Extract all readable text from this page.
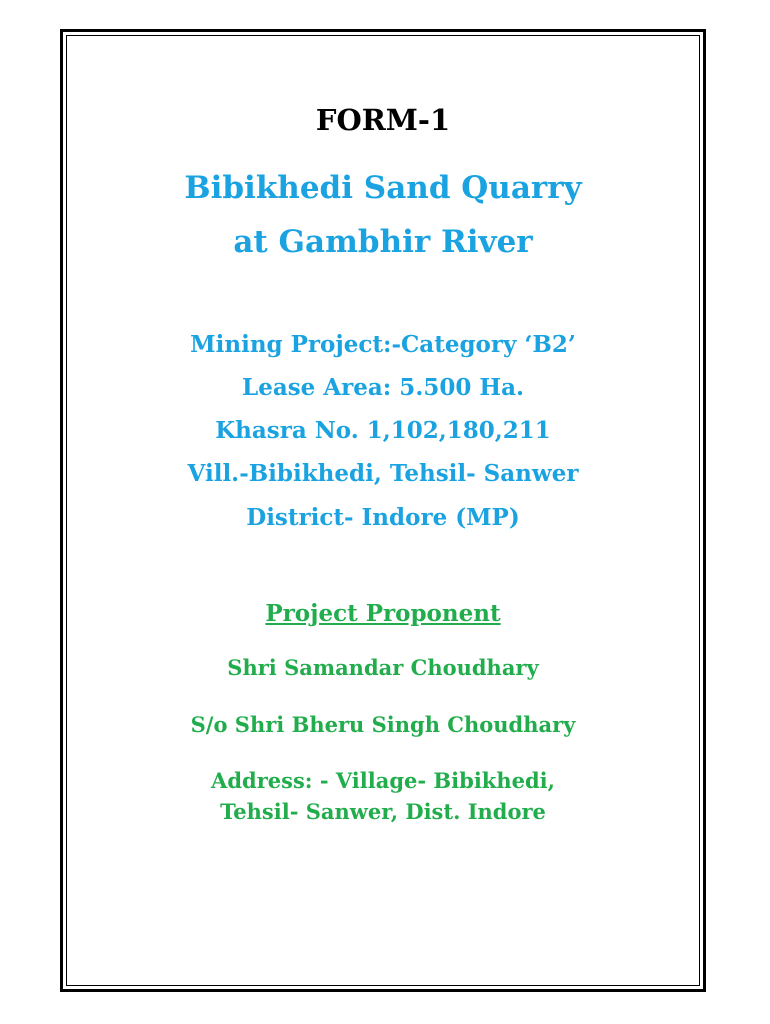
FORM-1
Bibikhedi Sand Quarry
at Gambhir River
Mining Project:-Category ‘B2’
Lease Area: 5.500 Ha.
Khasra No. 1,102,180,211
Vill.-Bibikhedi, Tehsil- Sanwer
District- Indore (MP)
Project Proponent
Shri Samandar Choudhary
S/o Shri Bheru Singh Choudhary
Address: - Village- Bibikhedi,
Tehsil- Sanwer, Dist. Indore
